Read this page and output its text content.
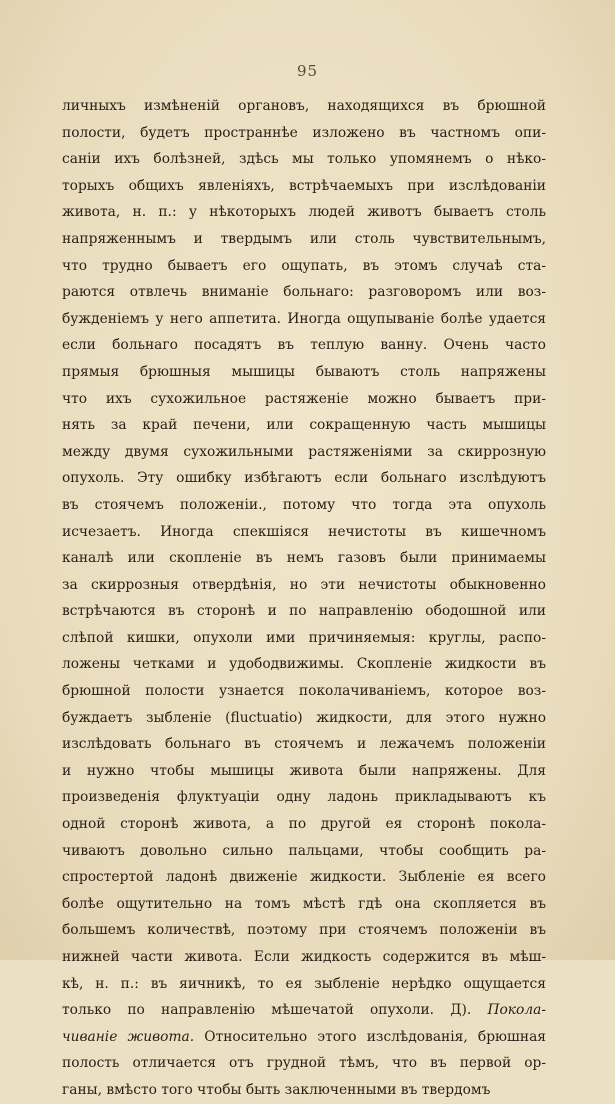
95
личныхъ измѣненій органовъ, находящихся въ брюшной
полости, будетъ пространнѣе изложено въ частномъ опи-
саніи ихъ болѣзней, здѣсь мы только упомянемъ о нѣко-
торыхъ общихъ явленіяхъ, встрѣчаемыхъ при изслѣдованіи
живота, н. п.: у нѣкоторыхъ людей животъ бываетъ столь
напряженнымъ и твердымъ или столь чувствительнымъ,
что трудно бываетъ его ощупать, въ этомъ случаѣ ста-
раются отвлечь вниманіе больнаго: разговоромъ или воз-
бужденіемъ у него аппетита. Иногда ощупываніе болѣе удается
если больнаго посадятъ въ теплую ванну. Очень часто
прямыя брюшныя мышицы бываютъ столь напряжены
что ихъ сухожильное растяженіе можно бываетъ при-
нять за край печени, или сокращенную часть мышицы
между двумя сухожильными растяженіями за скиррозную
опухоль. Эту ошибку избѣгаютъ если больнаго изслѣдуютъ
въ стоячемъ положеніи., потому что тогда эта опухоль
исчезаетъ. Иногда спекшіяся нечистоты въ кишечномъ
каналѣ или скопленіе въ немъ газовъ были принимаемы
за скиррозныя отвердѣнія, но эти нечистоты обыкновенно
встрѣчаются въ сторонѣ и по направленію ободошной или
слѣпой кишки, опухоли ими причиняемыя: круглы, распо-
ложены четками и удободвижимы. Скопленіе жидкости въ
брюшной полости узнается поколачиваніемъ, которое воз-
буждаетъ зыбленіе (fluctuatio) жидкости, для этого нужно
изслѣдовать больнаго въ стоячемъ и лежачемъ положеніи
и нужно чтобы мышицы живота были напряжены. Для
произведенія флуктуаціи одну ладонь прикладываютъ къ
одной сторонѣ живота, а по другой ея сторонѣ покола-
чиваютъ довольно сильно пальцами, чтобы сообщить ра-
спростертой ладонѣ движеніе жидкости. Зыбленіе ея всего
болѣе ощутительно на томъ мѣстѣ гдѣ она скопляется въ
большемъ количествѣ, поэтому при стоячемъ положеніи въ
нижней части живота. Если жидкость содержится въ мѣш-
кѣ, н. п.: въ яичникѣ, то ея зыбленіе нерѣдко ощущается
только по направленію мѣшечатой опухоли. Д). Покола-
чиваніе живота. Относительно этого изслѣдованія, брюшная
полость отличается отъ грудной тѣмъ, что въ первой ор-
ганы, вмѣсто того чтобы быть заключенными въ твердомъ
